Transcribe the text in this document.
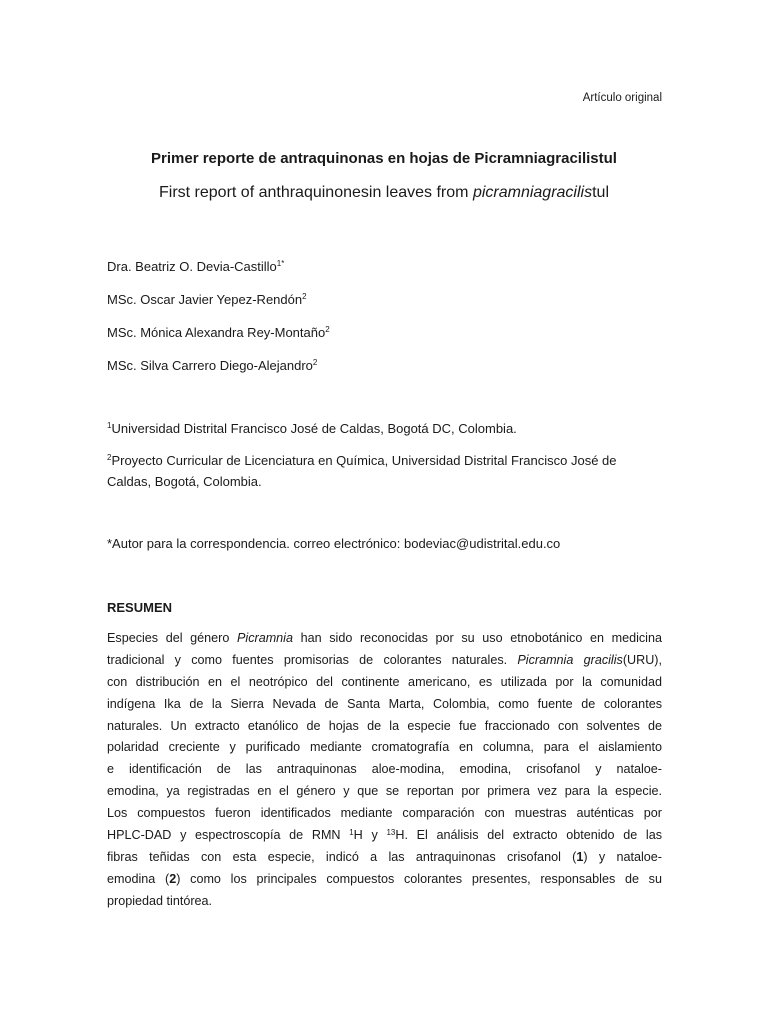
Artículo original
Primer reporte de antraquinonas en hojas de Picramniagracilistul
First report of anthraquinonesin leaves from picramniagracilistul
Dra. Beatriz O. Devia-Castillo$^{1*}$
MSc. Oscar Javier Yepez-Rendón$^2$
MSc. Mónica Alexandra Rey-Montaño$^2$
MSc. Silva Carrero Diego-Alejandro$^2$
$^1$Universidad Distrital Francisco José de Caldas, Bogotá DC, Colombia.
$^2$Proyecto Curricular de Licenciatura en Química, Universidad Distrital Francisco José de Caldas, Bogotá, Colombia.
*Autor para la correspondencia. correo electrónico: bodeviac@udistrital.edu.co
RESUMEN
Especies del género Picramnia han sido reconocidas por su uso etnobotánico en medicina
tradicional y como fuentes promisorias de colorantes naturales. Picramnia gracilis(URU),
con distribución en el neotrópico del continente americano, es utilizada por la comunidad
indígena Ika de la Sierra Nevada de Santa Marta, Colombia, como fuente de colorantes
naturales. Un extracto etanólico de hojas de la especie fue fraccionado con solventes de
polaridad creciente y purificado mediante cromatografía en columna, para el aislamiento
e identificación de las antraquinonas aloe-modina, emodina, crisofanol y nataloe-
emodina, ya registradas en el género y que se reportan por primera vez para la especie.
Los compuestos fueron identificados mediante comparación con muestras auténticas por
HPLC-DAD y espectroscopía de RMN $^1$H y $^{13}$H. El análisis del extracto obtenido de las
fibras teñidas con esta especie, indicó a las antraquinonas crisofanol (1) y nataloe-
emodina (2) como los principales compuestos colorantes presentes, responsables de su
propiedad tintórea.
